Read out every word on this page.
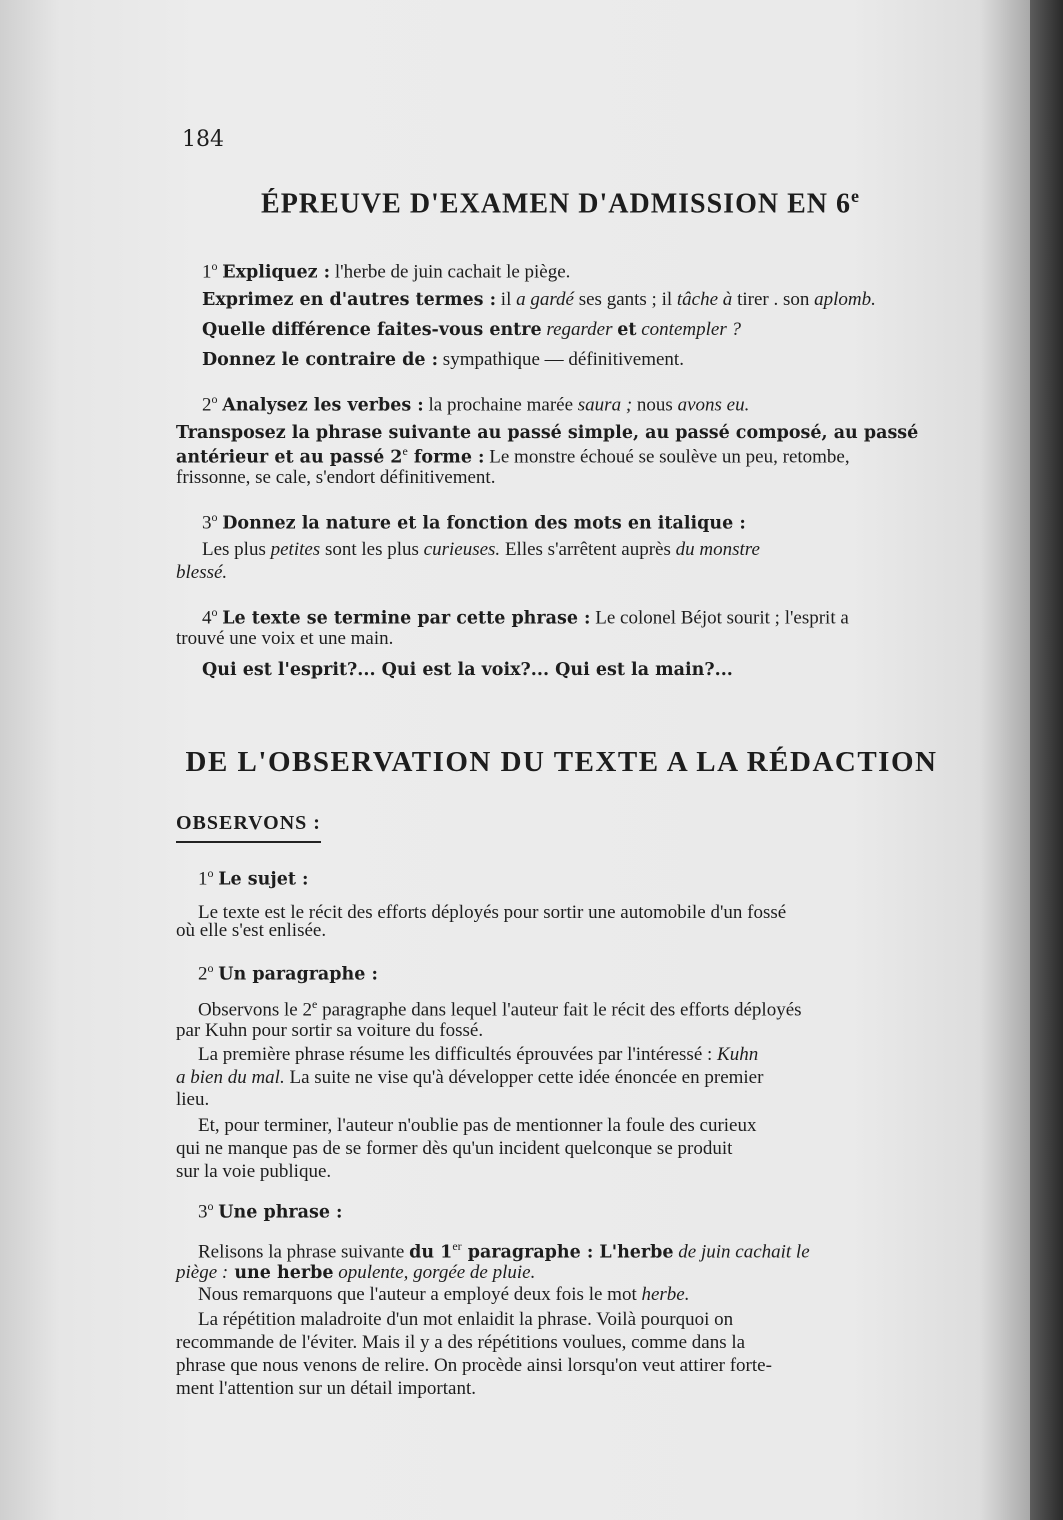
184
ÉPREUVE D'EXAMEN D'ADMISSION EN 6e
1$^o$ Expliquez : l'herbe de juin cachait le piège.
Exprimez en d'autres termes : il a gardé ses gants ; il tâche à tirer . son aplomb.
Quelle différence faites-vous entre regarder et contempler ?
Donnez le contraire de : sympathique — définitivement.
2$^o$ Analysez les verbes : la prochaine marée saura ; nous avons eu.
Transposez la phrase suivante au passé simple, au passé composé, au passé
antérieur et au passé 2e forme : Le monstre échoué se soulève un peu, retombe,
frissonne, se cale, s'endort définitivement.
3$^o$ Donnez la nature et la fonction des mots en italique :
Les plus petites sont les plus curieuses. Elles s'arrêtent auprès du monstre
blessé.
4$^o$ Le texte se termine par cette phrase : Le colonel Béjot sourit ; l'esprit a
trouvé une voix et une main.
Qui est l'esprit?... Qui est la voix?... Qui est la main?...
DE L'OBSERVATION DU TEXTE A LA RÉDACTION
OBSERVONS :
1$^o$ Le sujet :
Le texte est le récit des efforts déployés pour sortir une automobile d'un fossé
où elle s'est enlisée.
2$^o$ Un paragraphe :
Observons le 2e paragraphe dans lequel l'auteur fait le récit des efforts déployés
par Kuhn pour sortir sa voiture du fossé.
La première phrase résume les difficultés éprouvées par l'intéressé : Kuhn
a bien du mal. La suite ne vise qu'à développer cette idée énoncée en premier
lieu.
Et, pour terminer, l'auteur n'oublie pas de mentionner la foule des curieux
qui ne manque pas de se former dès qu'un incident quelconque se produit
sur la voie publique.
3$^o$ Une phrase :
Relisons la phrase suivante du 1er paragraphe : L'herbe de juin cachait le
piège : une herbe opulente, gorgée de pluie.
Nous remarquons que l'auteur a employé deux fois le mot herbe.
La répétition maladroite d'un mot enlaidit la phrase. Voilà pourquoi on
recommande de l'éviter. Mais il y a des répétitions voulues, comme dans la
phrase que nous venons de relire. On procède ainsi lorsqu'on veut attirer forte-
ment l'attention sur un détail important.
